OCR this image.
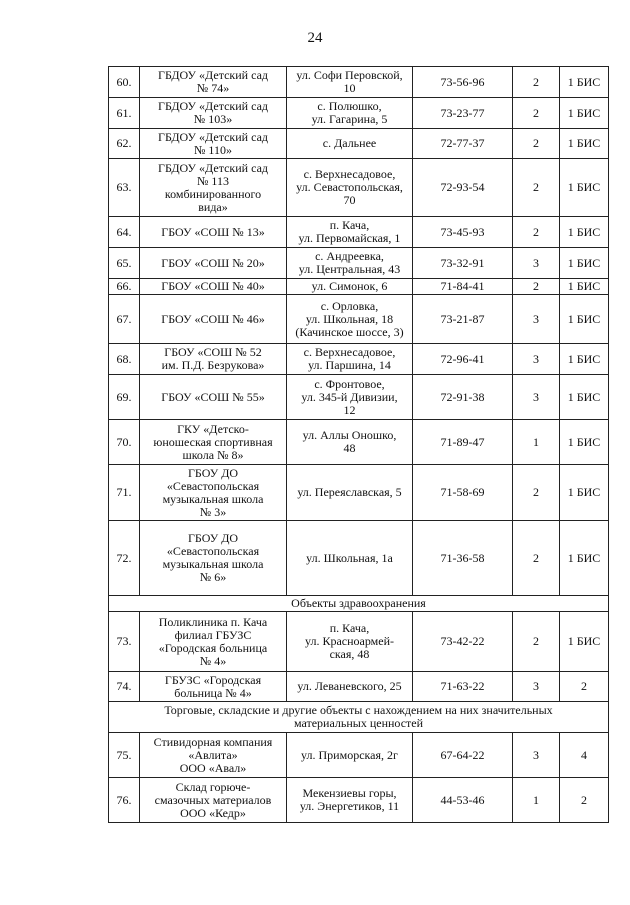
24
60.	ГБДОУ «Детский сад
№ 74»	ул. Софи Перовской,
10	73-56-96	2	1 БИС
61.	ГБДОУ «Детский сад
№ 103»	с. Полюшко,
ул. Гагарина, 5	73-23-77	2	1 БИС
62.	ГБДОУ «Детский сад
№ 110»	с. Дальнее	72-77-37	2	1 БИС
63.	ГБДОУ «Детский сад
№ 113
комбинированного
вида»	с. Верхнесадовое,
ул. Севастопольская,
70	72-93-54	2	1 БИС
64.	ГБОУ «СОШ № 13»	п. Кача,
ул. Первомайская, 1	73-45-93	2	1 БИС
65.	ГБОУ «СОШ № 20»	с. Андреевка,
ул. Центральная, 43	73-32-91	3	1 БИС
66.	ГБОУ «СОШ № 40»	ул. Симонок, 6	71-84-41	2	1 БИС
67.	ГБОУ «СОШ № 46»	с. Орловка,
ул. Школьная, 18
(Качинское шоссе, 3)	73-21-87	3	1 БИС
68.	ГБОУ «СОШ № 52
им. П.Д. Безрукова»	с. Верхнесадовое,
ул. Паршина, 14	72-96-41	3	1 БИС
69.	ГБОУ «СОШ № 55»	с. Фронтовое,
ул. 345-й Дивизии,
12	72-91-38	3	1 БИС
70.	ГКУ «Детско-
юношеская спортивная
школа № 8»	ул. Аллы Оношко,
48	71-89-47	1	1 БИС
71.	ГБОУ ДО
«Севастопольская
музыкальная школа
№ 3»	ул. Переяславская, 5	71-58-69	2	1 БИС
72.	ГБОУ ДО
«Севастопольская
музыкальная школа
№ 6»	ул. Школьная, 1а	71-36-58	2	1 БИС
Объекты здравоохранения					
73.	Поликлиника п. Кача
филиал ГБУЗС
«Городская больница
№ 4»	п. Кача,
ул. Красноармей-
ская, 48	73-42-22	2	1 БИС
74.	ГБУЗС «Городская
больница № 4»	ул. Леваневского, 25	71-63-22	3	2
Торговые, складские и другие объекты с нахождением на них значительных
материальных ценностей					
75.	Стивидорная компания
«Авлита»
ООО «Авал»	ул. Приморская, 2г	67-64-22	3	4
76.	Склад горюче-
смазочных материалов
ООО «Кедр»	Мекензиевы горы,
ул. Энергетиков, 11	44-53-46	1	2
